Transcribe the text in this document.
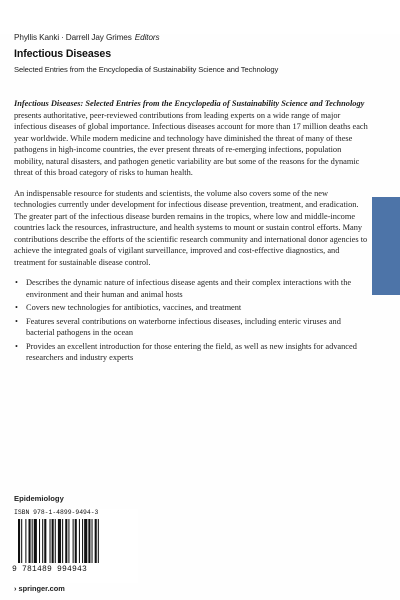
Phyllis Kanki · Darrell Jay Grimes Editors
Infectious Diseases
Selected Entries from the Encyclopedia of Sustainability Science and Technology

Infectious Diseases: Selected Entries from the Encyclopedia of Sustainability Science and Technology presents authoritative, peer-reviewed contributions from leading experts on a wide range of major infectious diseases of global importance. Infectious diseases account for more than 17 million deaths each year worldwide. While modern medicine and technology have diminished the threat of many of these pathogens in high-income countries, the ever present threats of re-emerging infections, population mobility, natural disasters, and pathogen genetic variability are but some of the reasons for the dynamic threat of this broad category of risks to human health.

An indispensable resource for students and scientists, the volume also covers some of the new technologies currently under development for infectious disease prevention, treatment, and eradication. The greater part of the infectious disease burden remains in the tropics, where low and middle-income countries lack the resources, infrastructure, and health systems to mount or sustain control efforts. Many contributions describe the efforts of the scientific research community and international donor agencies to achieve the integrated goals of vigilant surveillance, improved and cost-effective diagnostics, and treatment for sustainable disease control.

• Describes the dynamic nature of infectious disease agents and their complex interactions with the environment and their human and animal hosts
• Covers new technologies for antibiotics, vaccines, and treatment
• Features several contributions on waterborne infectious diseases, including enteric viruses and bacterial pathogens in the ocean
• Provides an excellent introduction for those entering the field, as well as new insights for advanced researchers and industry experts
Epidemiology
ISBN 978-1-4899-9494-3
9 781489 994943
› springer.com
